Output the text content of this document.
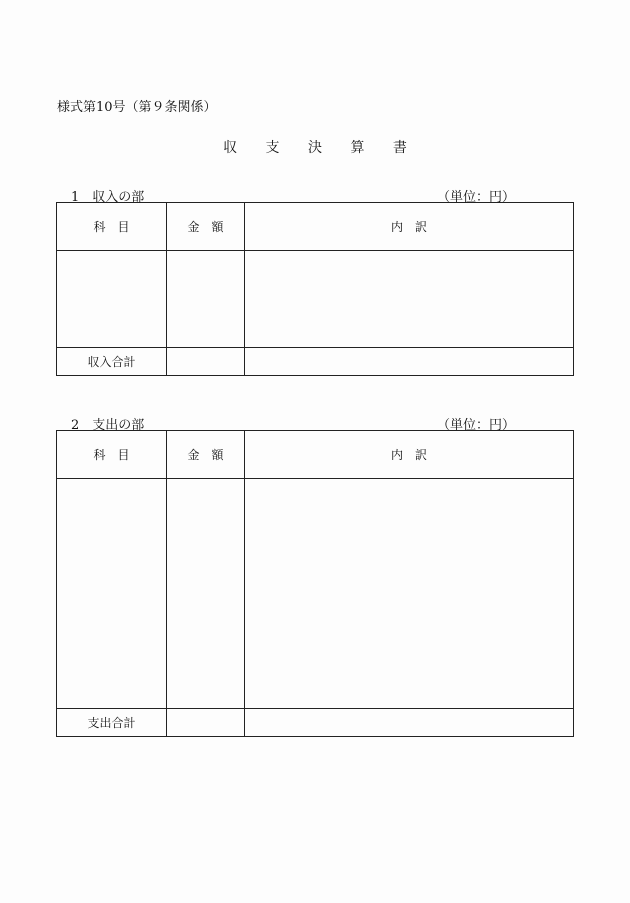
様式第10号（第９条関係）
収 支 決 算 書
1　収入の部	（単位：円）
科　目	金　額	内　訳

収入合計		
2　支出の部	（単位：円）
科　目	金　額	内　訳

支出合計		
